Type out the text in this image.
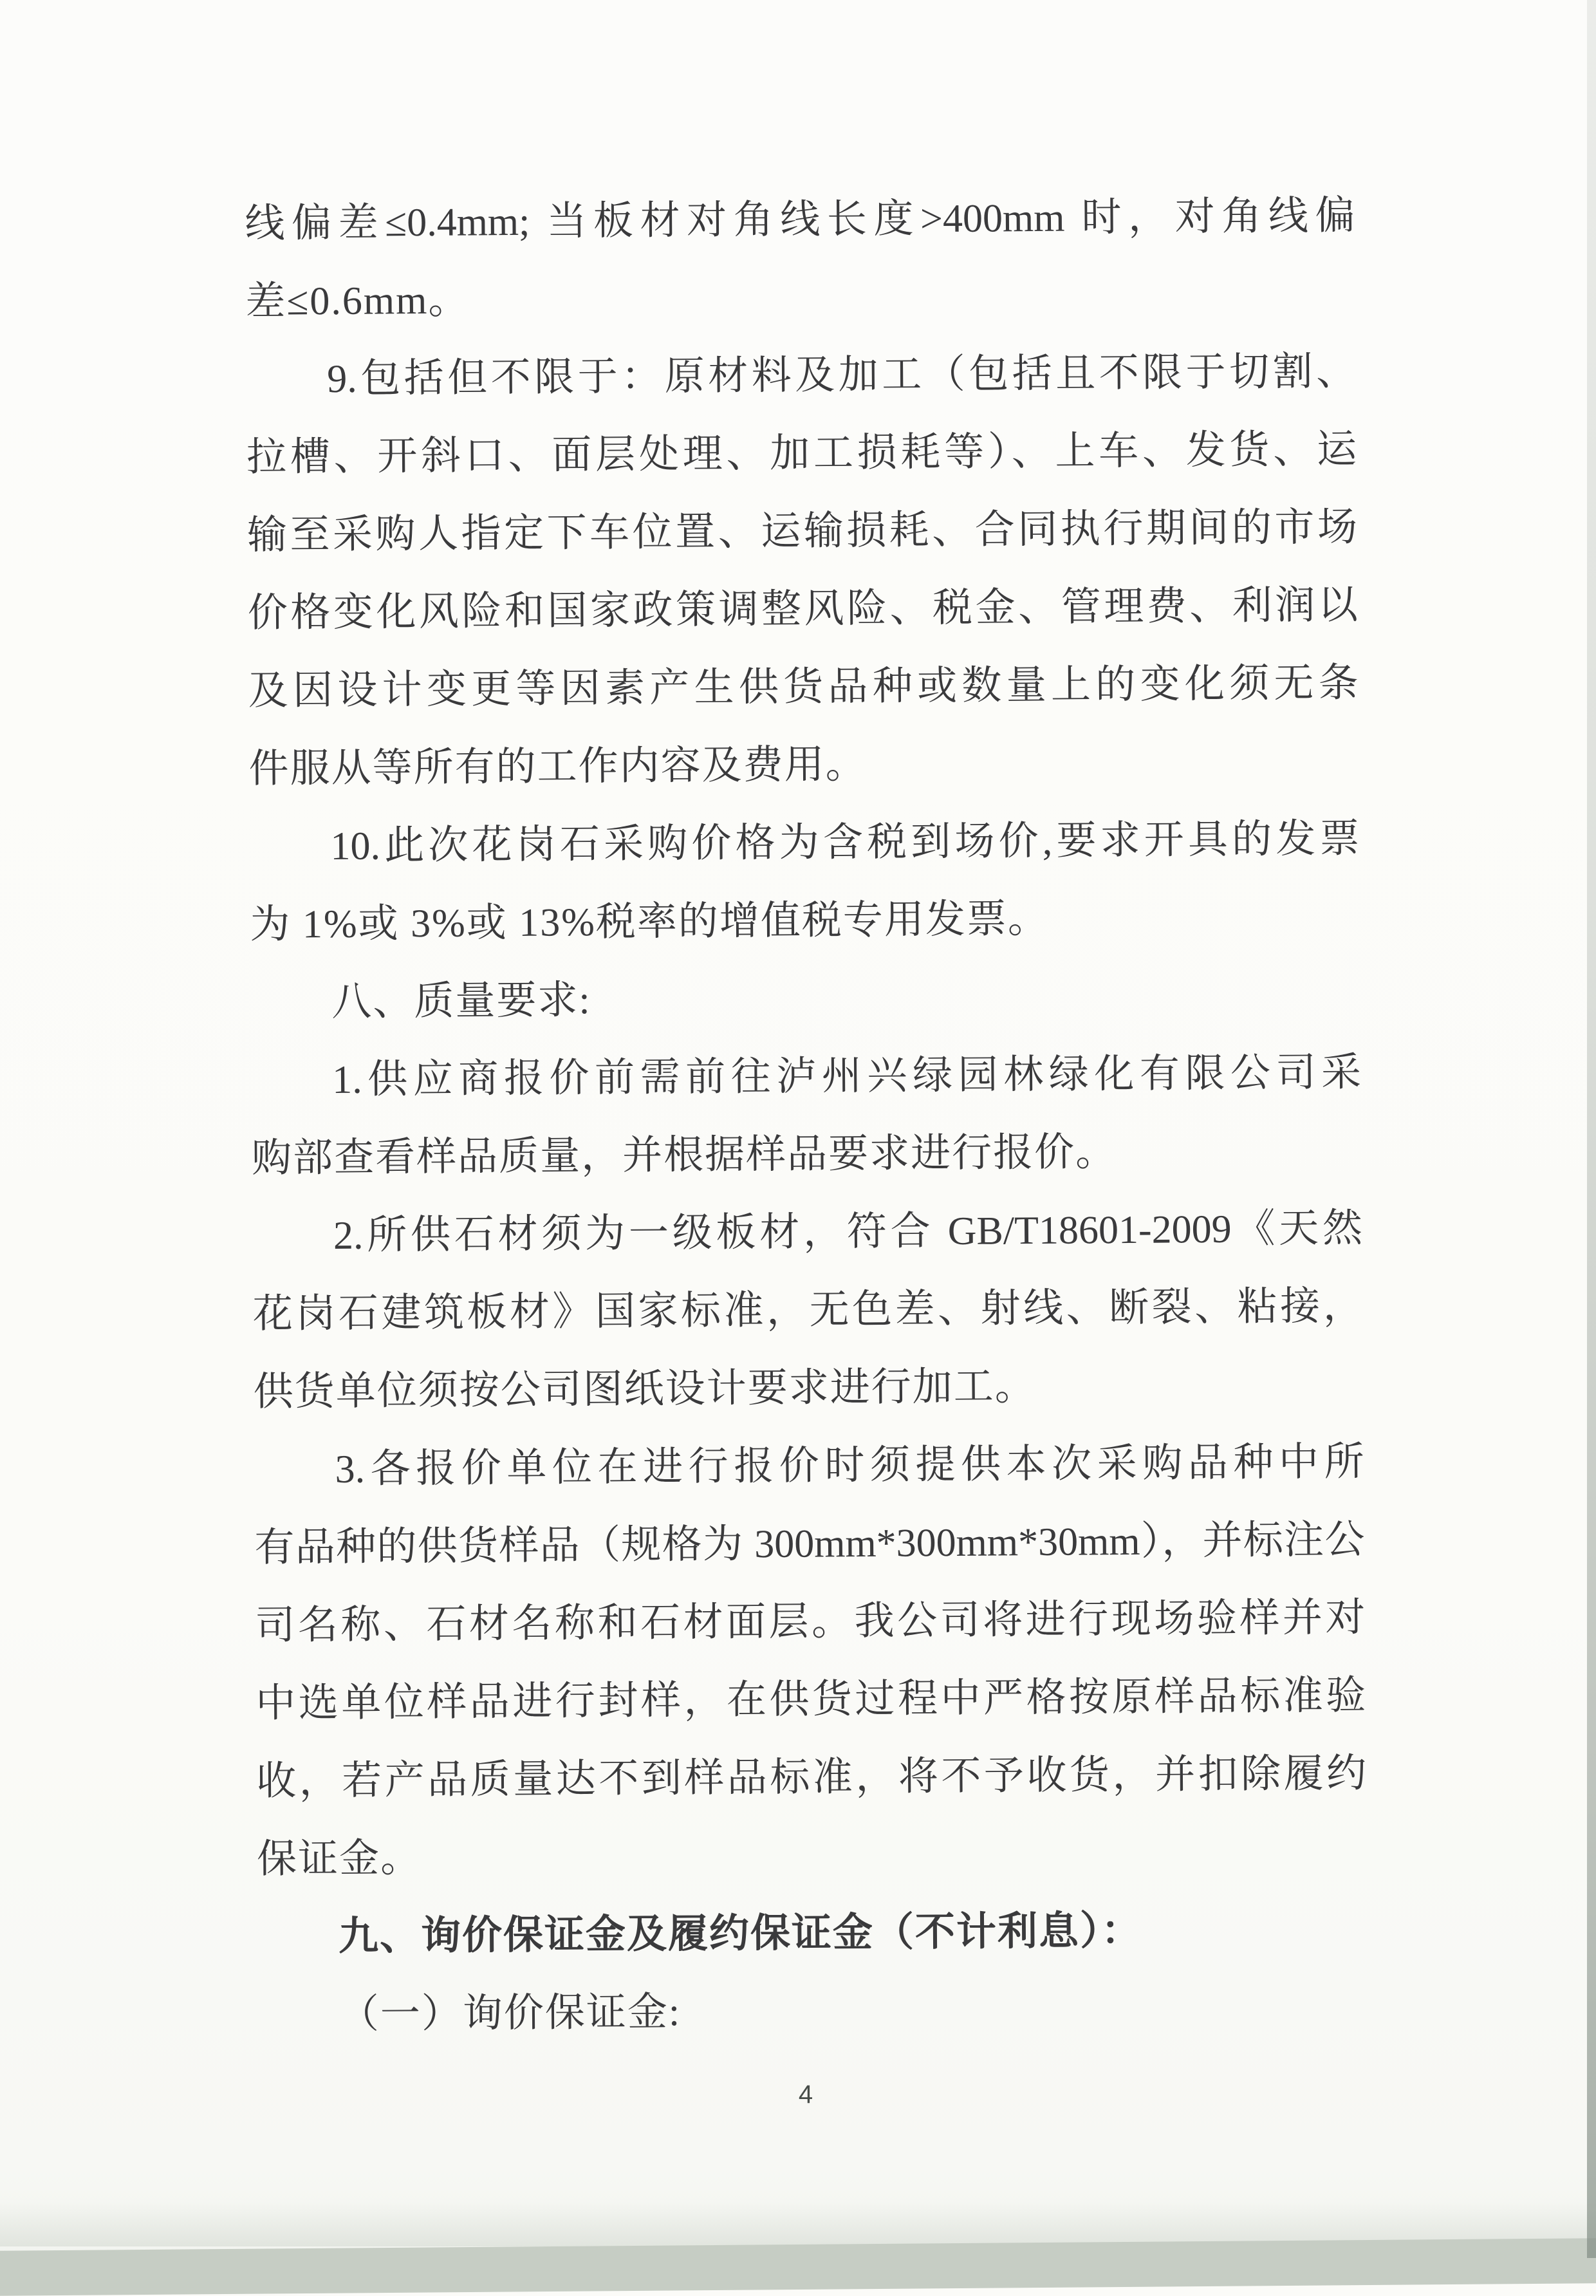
线偏差≤0.4mm; 当板材对角线长度>400mm 时，对角线偏
差≤0.6mm。
9.包括但不限于：原材料及加工（包括且不限于切割、
拉槽、开斜口、面层处理、加工损耗等）、上车、发货、运
输至采购人指定下车位置、运输损耗、合同执行期间的市场
价格变化风险和国家政策调整风险、税金、管理费、利润以
及因设计变更等因素产生供货品种或数量上的变化须无条
件服从等所有的工作内容及费用。
10.此次花岗石采购价格为含税到场价,要求开具的发票
为 1%或 3%或 13%税率的增值税专用发票。
八、质量要求:
1.供应商报价前需前往泸州兴绿园林绿化有限公司采
购部查看样品质量，并根据样品要求进行报价。
2.所供石材须为一级板材，符合 GB/T18601-2009《天然
花岗石建筑板材》国家标准，无色差、射线、断裂、粘接，
供货单位须按公司图纸设计要求进行加工。
3.各报价单位在进行报价时须提供本次采购品种中所
有品种的供货样品（规格为 300mm*300mm*30mm），并标注公
司名称、石材名称和石材面层。我公司将进行现场验样并对
中选单位样品进行封样，在供货过程中严格按原样品标准验
收，若产品质量达不到样品标准，将不予收货，并扣除履约
保证金。
九、询价保证金及履约保证金（不计利息）：
（一）询价保证金:
4
